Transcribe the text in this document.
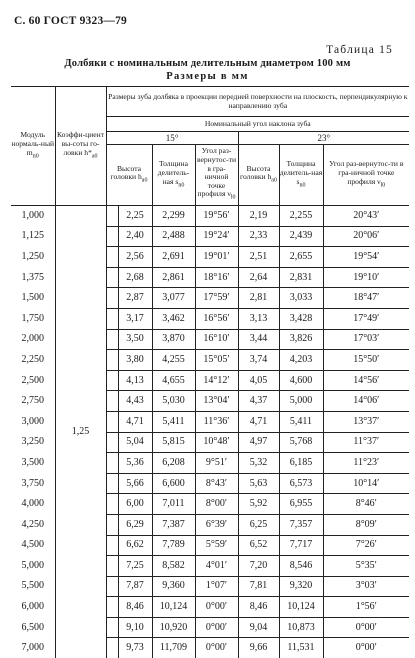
С. 60 ГОСТ 9323—79
Таблица 15
Долбяки с номинальным делительным диаметром 100 мм
Размеры в мм
Модуль нормаль-ный $m_{n0}$	Коэффи-циент вы-соты го-ловки $h*_{a0}$	Размеры зуба долбяка в проекции передней поверхности на плоскость, перпендикулярную к направлению зуба						
		Номинальный угол наклона зуба						
		15°				23°		
		Высота головки $h_{a0}$		Толщина делитель-ная $s_{n0}$	Угол раз-вернутос-ти в гра-ничной точке профиля $\nu_{l0}$	Высота головки $h_{a0}$	Толщина делитель-ная $s_{n0}$	Угол раз-вернутос-ти в гра-ничной точке профиля $\nu_{l0}$
1,000	1,25		2,25	2,299	19°56′	2,19	2,255	20°43′
1,125			2,40	2,488	19°24′	2,33	2,439	20°06′
1,250			2,56	2,691	19°01′	2,51	2,655	19°54′
1,375			2,68	2,861	18°16′	2,64	2,831	19°10′
1,500			2,87	3,077	17°59′	2,81	3,033	18°47′
1,750			3,17	3,462	16°56′	3,13	3,428	17°49′
2,000			3,50	3,870	16°10′	3,44	3,826	17°03′
2,250			3,80	4,255	15°05′	3,74	4,203	15°50′
2,500			4,13	4,655	14°12′	4,05	4,600	14°56′
2,750			4,43	5,030	13°04′	4,37	5,000	14°06′
3,000			4,71	5,411	11°36′	4,71	5,411	13°37′
3,250			5,04	5,815	10°48′	4,97	5,768	11°37′
3,500			5,36	6,208	9°51′	5,32	6,185	11°23′
3,750			5,66	6,600	8°43′	5,63	6,573	10°14′
4,000			6,00	7,011	8°00′	5,92	6,955	8°46′
4,250			6,29	7,387	6°39′	6,25	7,357	8°09′
4,500			6,62	7,789	5°59′	6,52	7,717	7°26′
5,000			7,25	8,582	4°01′	7,20	8,546	5°35′
5,500			7,87	9,360	1°07′	7,81	9,320	3°03′
6,000			8,46	10,124	0°00′	8,46	10,124	1°56′
6,500			9,10	10,920	0°00′	9,04	10,873	0°00′
7,000			9,73	11,709	0°00′	9,66	11,531	0°00′
